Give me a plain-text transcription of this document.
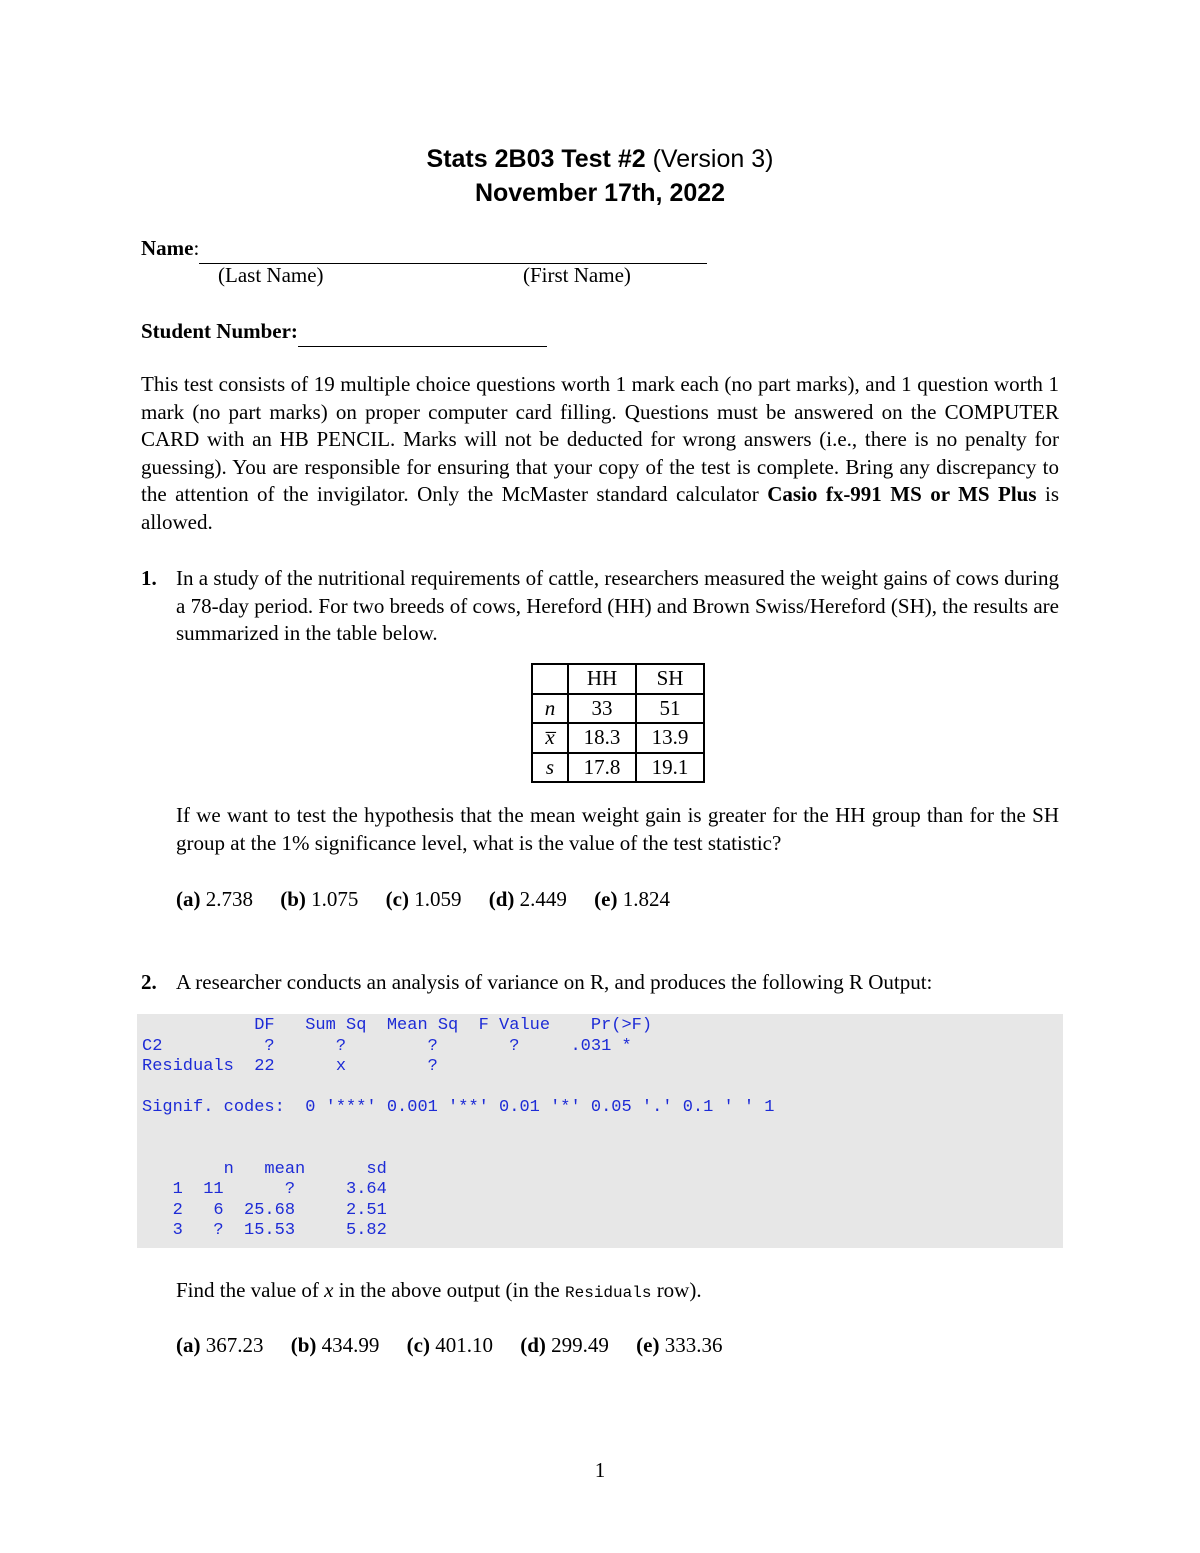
Stats 2B03 Test #2 (Version 3)
November 17th, 2022
Name:
(Last Name)	(First Name)
Student Number:
This test consists of 19 multiple choice questions worth 1 mark each (no part marks), and 1 question worth 1 mark (no part marks) on proper computer card filling. Questions must be answered on the COMPUTER CARD with an HB PENCIL. Marks will not be deducted for wrong answers (i.e., there is no penalty for guessing). You are responsible for ensuring that your copy of the test is complete. Bring any discrepancy to the attention of the invigilator. Only the McMaster standard calculator Casio fx-991 MS or MS Plus is allowed.
1. In a study of the nutritional requirements of cattle, researchers measured the weight gains of cows during a 78-day period. For two breeds of cows, Hereford (HH) and Brown Swiss/Hereford (SH), the results are summarized in the table below.
	HH	SH
n	33	51
x̅	18.3	13.9
s	17.8	19.1
If we want to test the hypothesis that the mean weight gain is greater for the HH group than for the SH group at the 1% significance level, what is the value of the test statistic?
(a) 2.738 (b) 1.075 (c) 1.059 (d) 2.449 (e) 1.824
2. A researcher conducts an analysis of variance on R, and produces the following R Output:
DF   Sum Sq  Mean Sq  F Value    Pr(>F)
C2          ?      ?        ?       ?     .031 *
Residuals  22      x        ?

Signif. codes:  0 '***' 0.001 '**' 0.01 '*' 0.05 '.' 0.1 ' ' 1

n   mean      sd
1  11      ?     3.64
2   6  25.68     2.51
3   ?  15.53     5.82
Find the value of x in the above output (in the Residuals row).
(a) 367.23 (b) 434.99 (c) 401.10 (d) 299.49 (e) 333.36
1
